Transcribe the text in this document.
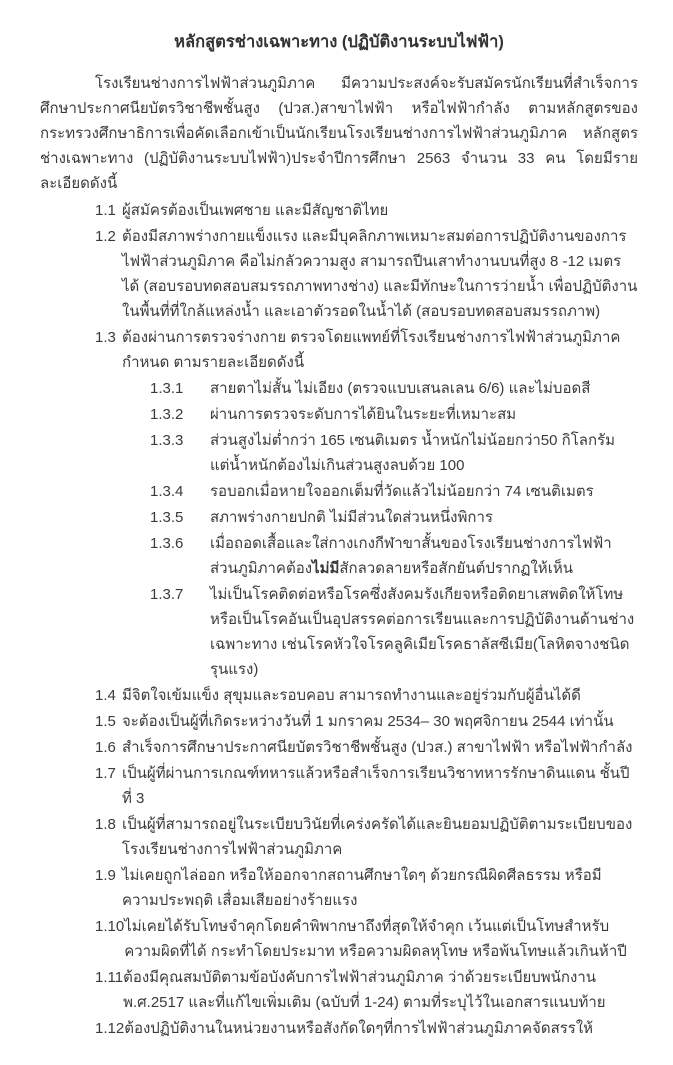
หลักสูตรช่างเฉพาะทาง (ปฏิบัติงานระบบไฟฟ้า)

โรงเรียนช่างการไฟฟ้าส่วนภูมิภาค มีความประสงค์จะรับสมัครนักเรียนที่สำเร็จการศึกษาประกาศนียบัตรวิชาชีพชั้นสูง (ปวส.)สาขาไฟฟ้า หรือไฟฟ้ากำลัง ตามหลักสูตรของกระทรวงศึกษาธิการเพื่อคัดเลือกเข้าเป็นนักเรียนโรงเรียนช่างการไฟฟ้าส่วนภูมิภาค หลักสูตรช่างเฉพาะทาง (ปฏิบัติงานระบบไฟฟ้า)ประจำปีการศึกษา 2563 จำนวน 33 คน โดยมีรายละเอียดดังนี้

1.1 ผู้สมัครต้องเป็นเพศชาย และมีสัญชาติไทย
1.2 ต้องมีสภาพร่างกายแข็งแรง และมีบุคลิกภาพเหมาะสมต่อการปฏิบัติงานของการไฟฟ้าส่วนภูมิภาค คือไม่กลัวความสูง สามารถปีนเสาทำงานบนที่สูง 8 -12 เมตรได้ (สอบรอบทดสอบสมรรถภาพทางช่าง) และมีทักษะในการว่ายน้ำ เพื่อปฏิบัติงานในพื้นที่ที่ใกล้แหล่งน้ำ และเอาตัวรอดในน้ำได้ (สอบรอบทดสอบสมรรถภาพ)
1.3 ต้องผ่านการตรวจร่างกาย ตรวจโดยแพทย์ที่โรงเรียนช่างการไฟฟ้าส่วนภูมิภาคกำหนด ตามรายละเอียดดังนี้
1.3.1	สายตาไม่สั้น ไม่เอียง (ตรวจแบบเสนลเลน 6/6) และไม่บอดสี
1.3.2	ผ่านการตรวจระดับการได้ยินในระยะที่เหมาะสม
1.3.3	ส่วนสูงไม่ต่ำกว่า 165 เซนติเมตร น้ำหนักไม่น้อยกว่า50 กิโลกรัม แต่น้ำหนักต้องไม่เกินส่วนสูงลบด้วย 100
1.3.4	รอบอกเมื่อหายใจออกเต็มที่วัดแล้วไม่น้อยกว่า 74 เซนติเมตร
1.3.5	สภาพร่างกายปกติ ไม่มีส่วนใดส่วนหนึ่งพิการ
1.3.6	เมื่อถอดเสื้อและใส่กางเกงกีฬาขาสั้นของโรงเรียนช่างการไฟฟ้าส่วนภูมิภาคต้องไม่มีสักลวดลายหรือสักยันต์ปรากฏให้เห็น
1.3.7	ไม่เป็นโรคติดต่อหรือโรคซึ่งสังคมรังเกียจหรือติดยาเสพติดให้โทษหรือเป็นโรคอันเป็นอุปสรรคต่อการเรียนและการปฏิบัติงานด้านช่างเฉพาะทาง เช่นโรคหัวใจโรคลูคิเมียโรคธาลัสซีเมีย(โลหิตจางชนิดรุนแรง)
1.4 มีจิตใจเข้มแข็ง สุขุมและรอบคอบ สามารถทำงานและอยู่ร่วมกับผู้อื่นได้ดี
1.5 จะต้องเป็นผู้ที่เกิดระหว่างวันที่ 1 มกราคม 2534– 30 พฤศจิกายน 2544 เท่านั้น
1.6 สำเร็จการศึกษาประกาศนียบัตรวิชาชีพชั้นสูง (ปวส.) สาขาไฟฟ้า หรือไฟฟ้ากำลัง
1.7 เป็นผู้ที่ผ่านการเกณฑ์ทหารแล้วหรือสำเร็จการเรียนวิชาทหารรักษาดินแดน ชั้นปีที่ 3
1.8 เป็นผู้ที่สามารถอยู่ในระเบียบวินัยที่เคร่งครัดได้และยินยอมปฏิบัติตามระเบียบของโรงเรียนช่างการไฟฟ้าส่วนภูมิภาค
1.9 ไม่เคยถูกไล่ออก หรือให้ออกจากสถานศึกษาใดๆ ด้วยกรณีผิดศีลธรรม หรือมีความประพฤติ เสื่อมเสียอย่างร้ายแรง
1.10 ไม่เคยได้รับโทษจำคุกโดยคำพิพากษาถึงที่สุดให้จำคุก เว้นแต่เป็นโทษสำหรับความผิดที่ได้ กระทำโดยประมาท หรือความผิดลหุโทษ หรือพ้นโทษแล้วเกินห้าปี
1.11 ต้องมีคุณสมบัติตามข้อบังคับการไฟฟ้าส่วนภูมิภาค ว่าด้วยระเบียบพนักงาน พ.ศ.2517 และที่แก้ไขเพิ่มเติม (ฉบับที่ 1-24) ตามที่ระบุไว้ในเอกสารแนบท้าย
1.12 ต้องปฏิบัติงานในหน่วยงานหรือสังกัดใดๆที่การไฟฟ้าส่วนภูมิภาคจัดสรรให้
